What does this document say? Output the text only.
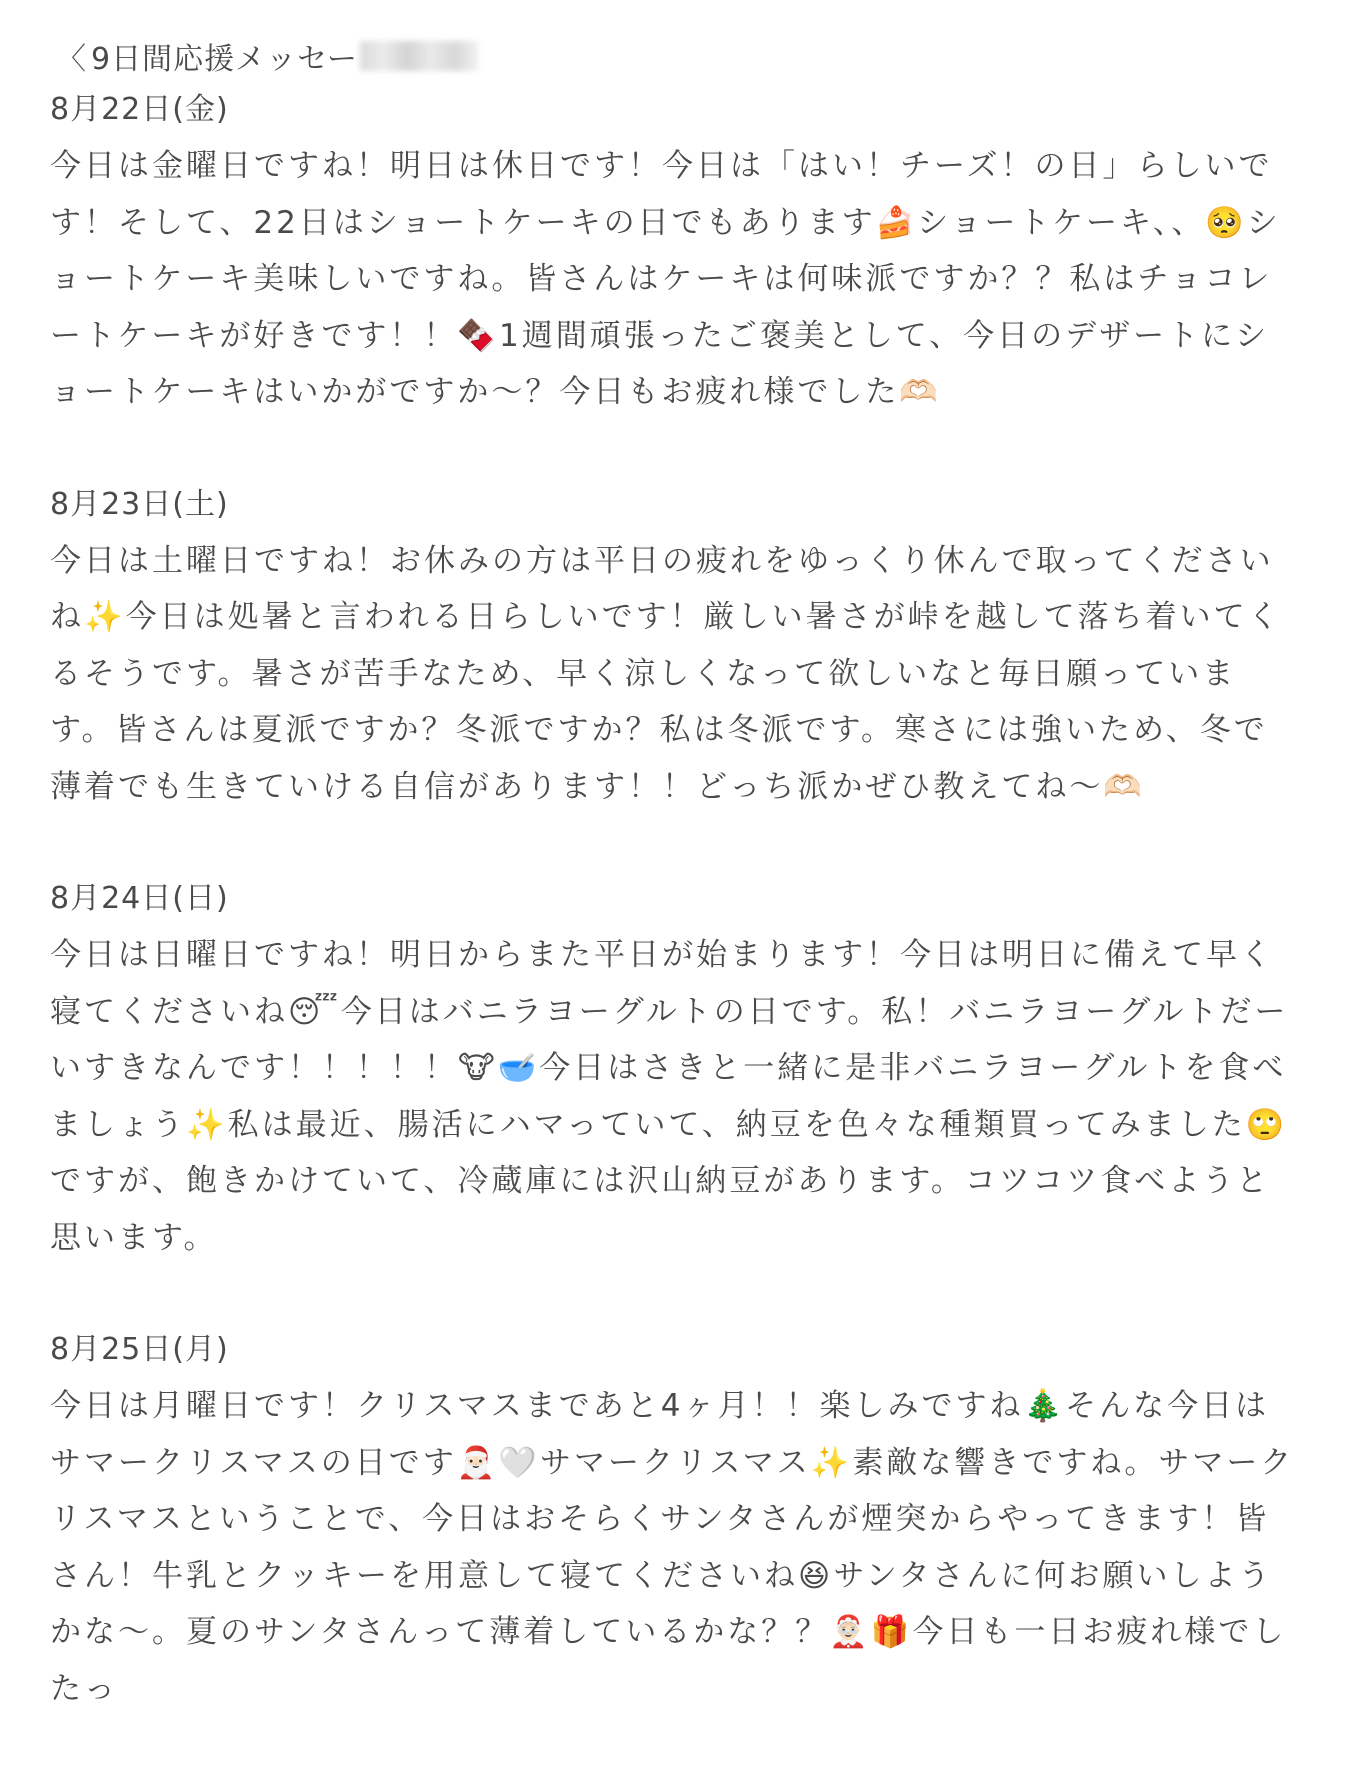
〈 9日間応援メッセー
8月22日(金)

今日は金曜日ですね！明日は休日です！今日は「はい！チーズ！の日」らしいです！そして、22日はショートケーキの日でもあります🍰ショートケーキ、、🥺ショートケーキ美味しいですね。皆さんはケーキは何味派ですか？？私はチョコレートケーキが好きです！！🍫1週間頑張ったご褒美として、今日のデザートにショートケーキはいかがですか〜？今日もお疲れ様でした🫶🏻

8月23日(土)

今日は土曜日ですね！お休みの方は平日の疲れをゆっくり休んで取ってくださいね✨今日は処暑と言われる日らしいです！厳しい暑さが峠を越して落ち着いてくるそうです。暑さが苦手なため、早く涼しくなって欲しいなと毎日願っています。皆さんは夏派ですか？冬派ですか？私は冬派です。寒さには強いため、冬で薄着でも生きていける自信があります！！どっち派かぜひ教えてね〜🫶🏻

8月24日(日)

今日は日曜日ですね！明日からまた平日が始まります！今日は明日に備えて早く寝てくださいね😴今日はバニラヨーグルトの日です。私！バニラヨーグルトだーいすきなんです！！！！！🐮🥣今日はさきと一緒に是非バニラヨーグルトを食べましょう✨私は最近、腸活にハマっていて、納豆を色々な種類買ってみました🙄ですが、飽きかけていて、冷蔵庫には沢山納豆があります。コツコツ食べようと思います。

8月25日(月)

今日は月曜日です！クリスマスまであと4ヶ月！！楽しみですね🎄そんな今日はサマークリスマスの日です🎅🏻🤍サマークリスマス✨素敵な響きですね。サマークリスマスということで、今日はおそらくサンタさんが煙突からやってきます！皆さん！牛乳とクッキーを用意して寝てくださいね😆サンタさんに何お願いしようかな〜。夏のサンタさんって薄着しているかな？？🤶🏻🎁今日も一日お疲れ様でしたっ
